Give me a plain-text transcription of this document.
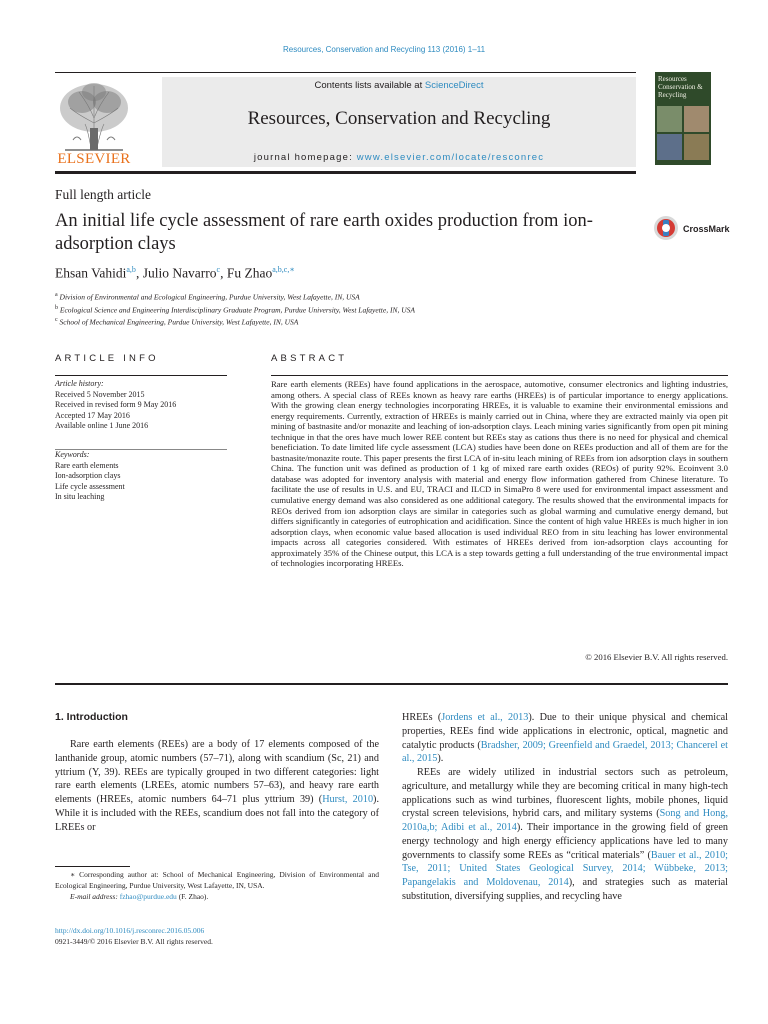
Resources, Conservation and Recycling 113 (2016) 1–11
ELSEVIER
Contents lists available at ScienceDirect
Resources, Conservation and Recycling
journal homepage: www.elsevier.com/locate/resconrec
Resources Conservation & Recycling
Full length article
An initial life cycle assessment of rare earth oxides production from ion-adsorption clays
CrossMark
Ehsan Vahidi$^{a,b}$, Julio Navarro$^c$, Fu Zhao$^{a,b,c,∗}$
$^a$ Division of Environmental and Ecological Engineering, Purdue University, West Lafayette, IN, USA
$^b$ Ecological Science and Engineering Interdisciplinary Graduate Program, Purdue University, West Lafayette, IN, USA
$^c$ School of Mechanical Engineering, Purdue University, West Lafayette, IN, USA
ARTICLE INFO	ABSTRACT
Article history:
Received 5 November 2015
Received in revised form 9 May 2016
Accepted 17 May 2016
Available online 1 June 2016
Keywords:
Rare earth elements
Ion-adsorption clays
Life cycle assessment
In situ leaching
Rare earth elements (REEs) have found applications in the aerospace, automotive, consumer electronics and lighting industries, among others. A special class of REEs known as heavy rare earths (HREEs) is of particular importance to energy applications. With the growing clean energy technologies incorporating HREEs, it is valuable to examine their environmental emissions and energy requirements. Currently, extraction of HREEs is mainly carried out in China, where they are extracted mainly via open pit mining of bastnasite and/or monazite and leaching of ion-adsorption clays. Leach mining varies significantly from open pit mining technique in that the ores have much lower REE content but REEs stay as cations thus there is no need for physical and chemical beneficiation. To date limited life cycle assessment (LCA) studies have been done on REEs production and all of them are for the bastnasite/monazite route. This paper presents the first LCA of in-situ leach mining of REEs from ion adsorption clays in southern China. The function unit was defined as production of 1 kg of mixed rare earth oxides (REOs) of purity 92%. Ecoinvent 3.0 database was adopted for inventory analysis with material and energy flow information gathered from Chinese literature. To facilitate the use of results in U.S. and EU, TRACI and ILCD in SimaPro 8 were used for environmental impact assessment and cumulative energy demand was also considered as one additional category. The results showed that the environmental impacts for REOs derived from ion adsorption clays are similar in categories such as global warming and cumulative energy demand, but differs significantly in categories of eutrophication and acidification. Since the content of high value HREEs is much higher in ion adsorption clays, when economic value based allocation is used individual REO from in situ leaching has lower environmental impacts across all categories considered. With estimates of HREEs derived from ion-adsorption clays accounting for approximately 35% of the Chinese output, this LCA is a step towards getting a full understanding of the true environmental impact of technologies incorporating HREEs.
© 2016 Elsevier B.V. All rights reserved.
1. Introduction

Rare earth elements (REEs) are a body of 17 elements composed of the lanthanide group, atomic numbers (57–71), along with scandium (Sc, 21) and yttrium (Y, 39). REEs are typically grouped in two different categories: light rare earth elements (LREEs, atomic numbers 57–63), and heavy rare earth elements (HREEs, atomic numbers 64–71 plus yttrium 39) (Hurst, 2010). While it is included with the REEs, scandium does not fall into the category of LREEs or

HREEs (Jordens et al., 2013). Due to their unique physical and chemical properties, REEs find wide applications in electronic, optical, magnetic and catalytic products (Bradsher, 2009; Greenfield and Graedel, 2013; Chancerel et al., 2015).

REEs are widely utilized in industrial sectors such as petroleum, agriculture, and metallurgy while they are becoming critical in many high-tech applications such as wind turbines, fluorescent lights, mobile phones, liquid crystal screen televisions, hybrid cars, and military systems (Song and Hong, 2010a,b; Adibi et al., 2014). Their importance in the growing field of green energy technology and high energy efficiency applications have led to many governments to classify some REEs as “critical materials” (Bauer et al., 2010; Tse, 2011; United States Geological Survey, 2014; Wübbeke, 2013; Papangelakis and Moldovenau, 2014), and strategies such as material substitution, diversifying supplies, and recycling have

∗ Corresponding author at: School of Mechanical Engineering, Division of Environmental and Ecological Engineering, Purdue University, West Lafayette, IN, USA.
E-mail address: fzhao@purdue.edu (F. Zhao).
http://dx.doi.org/10.1016/j.resconrec.2016.05.006
0921-3449/© 2016 Elsevier B.V. All rights reserved.
